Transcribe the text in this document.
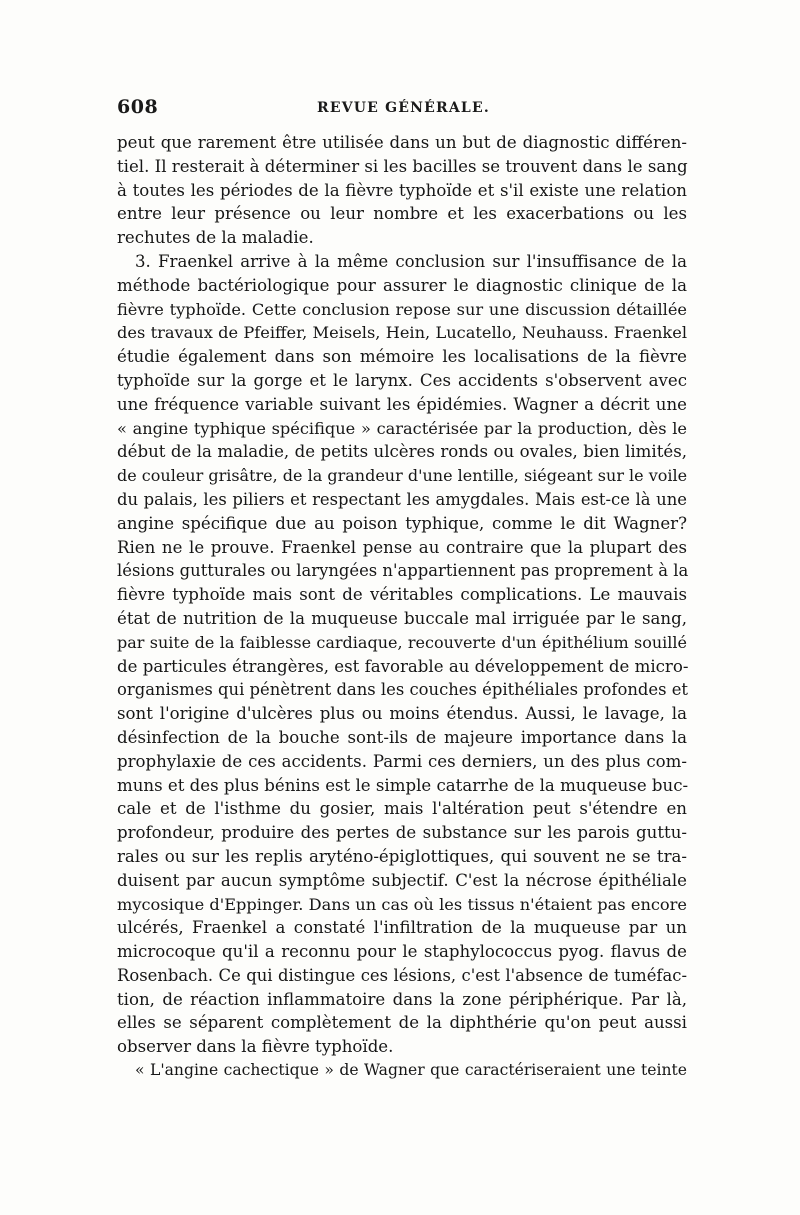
608	REVUE GÉNÉRALE.
peut que rarement être utilisée dans un but de diagnostic différen-
tiel. Il resterait à déterminer si les bacilles se trouvent dans le sang
à toutes les périodes de la fièvre typhoïde et s'il existe une relation
entre leur présence ou leur nombre et les exacerbations ou les
rechutes de la maladie.
3. Fraenkel arrive à la même conclusion sur l'insuffisance de la
méthode bactériologique pour assurer le diagnostic clinique de la
fièvre typhoïde. Cette conclusion repose sur une discussion détaillée
des travaux de Pfeiffer, Meisels, Hein, Lucatello, Neuhauss. Fraenkel
étudie également dans son mémoire les localisations de la fièvre
typhoïde sur la gorge et le larynx. Ces accidents s'observent avec
une fréquence variable suivant les épidémies. Wagner a décrit une
« angine typhique spécifique » caractérisée par la production, dès le
début de la maladie, de petits ulcères ronds ou ovales, bien limités,
de couleur grisâtre, de la grandeur d'une lentille, siégeant sur le voile
du palais, les piliers et respectant les amygdales. Mais est-ce là une
angine spécifique due au poison typhique, comme le dit Wagner?
Rien ne le prouve. Fraenkel pense au contraire que la plupart des
lésions gutturales ou laryngées n'appartiennent pas proprement à la
fièvre typhoïde mais sont de véritables complications. Le mauvais
état de nutrition de la muqueuse buccale mal irriguée par le sang,
par suite de la faiblesse cardiaque, recouverte d'un épithélium souillé
de particules étrangères, est favorable au développement de micro-
organismes qui pénètrent dans les couches épithéliales profondes et
sont l'origine d'ulcères plus ou moins étendus. Aussi, le lavage, la
désinfection de la bouche sont-ils de majeure importance dans la
prophylaxie de ces accidents. Parmi ces derniers, un des plus com-
muns et des plus bénins est le simple catarrhe de la muqueuse buc-
cale et de l'isthme du gosier, mais l'altération peut s'étendre en
profondeur, produire des pertes de substance sur les parois guttu-
rales ou sur les replis aryténo-épiglottiques, qui souvent ne se tra-
duisent par aucun symptôme subjectif. C'est la nécrose épithéliale
mycosique d'Eppinger. Dans un cas où les tissus n'étaient pas encore
ulcérés, Fraenkel a constaté l'infiltration de la muqueuse par un
microcoque qu'il a reconnu pour le staphylococcus pyog. flavus de
Rosenbach. Ce qui distingue ces lésions, c'est l'absence de tuméfac-
tion, de réaction inflammatoire dans la zone périphérique. Par là,
elles se séparent complètement de la diphthérie qu'on peut aussi
observer dans la fièvre typhoïde.
« L'angine cachectique » de Wagner que caractériseraient une teinte
